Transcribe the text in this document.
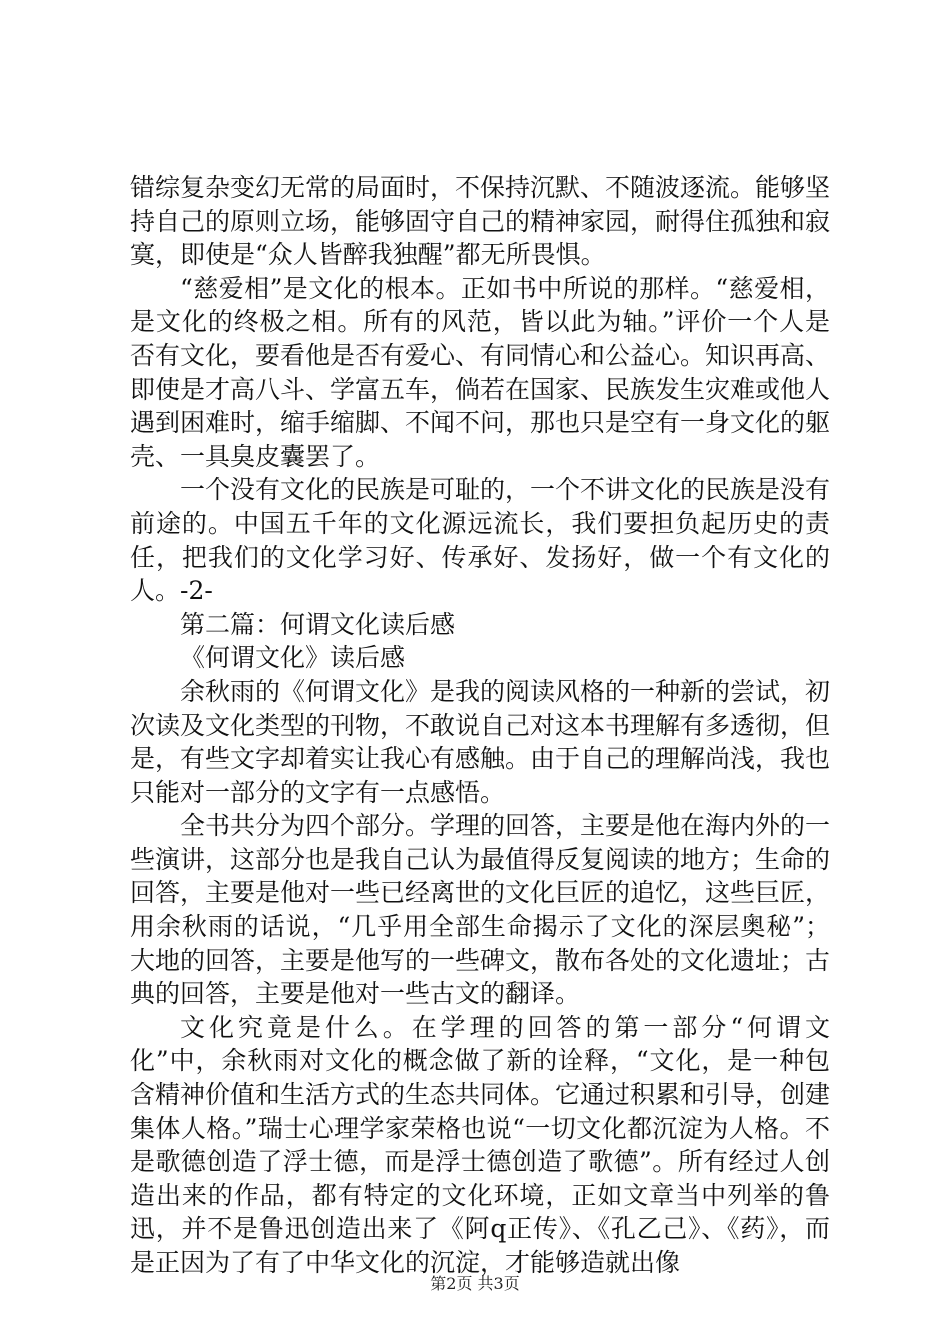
错综复杂变幻无常的局面时，不保持沉默、不随波逐流。能够坚持自己的原则立场，能够固守自己的精神家园，耐得住孤独和寂寞，即使是“众人皆醉我独醒”都无所畏惧。

“慈爱相”是文化的根本。正如书中所说的那样。“慈爱相，是文化的终极之相。所有的风范，皆以此为轴。”评价一个人是否有文化，要看他是否有爱心、有同情心和公益心。知识再高、即使是才高八斗、学富五车，倘若在国家、民族发生灾难或他人遇到困难时，缩手缩脚、不闻不问，那也只是空有一身文化的躯壳、一具臭皮囊罢了。

一个没有文化的民族是可耻的，一个不讲文化的民族是没有前途的。中国五千年的文化源远流长，我们要担负起历史的责任，把我们的文化学习好、传承好、发扬好，做一个有文化的人。-2-

第二篇：何谓文化读后感

《何谓文化》读后感

余秋雨的《何谓文化》是我的阅读风格的一种新的尝试，初次读及文化类型的刊物，不敢说自己对这本书理解有多透彻，但是，有些文字却着实让我心有感触。由于自己的理解尚浅，我也只能对一部分的文字有一点感悟。

全书共分为四个部分。学理的回答，主要是他在海内外的一些演讲，这部分也是我自己认为最值得反复阅读的地方；生命的回答，主要是他对一些已经离世的文化巨匠的追忆，这些巨匠，用余秋雨的话说，“几乎用全部生命揭示了文化的深层奥秘”；大地的回答，主要是他写的一些碑文，散布各处的文化遗址；古典的回答，主要是他对一些古文的翻译。

文化究竟是什么。在学理的回答的第一部分“何谓文化”中，余秋雨对文化的概念做了新的诠释，“文化，是一种包含精神价值和生活方式的生态共同体。它通过积累和引导，创建集体人格。”瑞士心理学家荣格也说“一切文化都沉淀为人格。不是歌德创造了浮士德，而是浮士德创造了歌德”。所有经过人创造出来的作品，都有特定的文化环境，正如文章当中列举的鲁迅，并不是鲁迅创造出来了《阿q正传》、《孔乙己》、《药》，而是正因为了有了中华文化的沉淀，才能够造就出像

第2页 共3页
